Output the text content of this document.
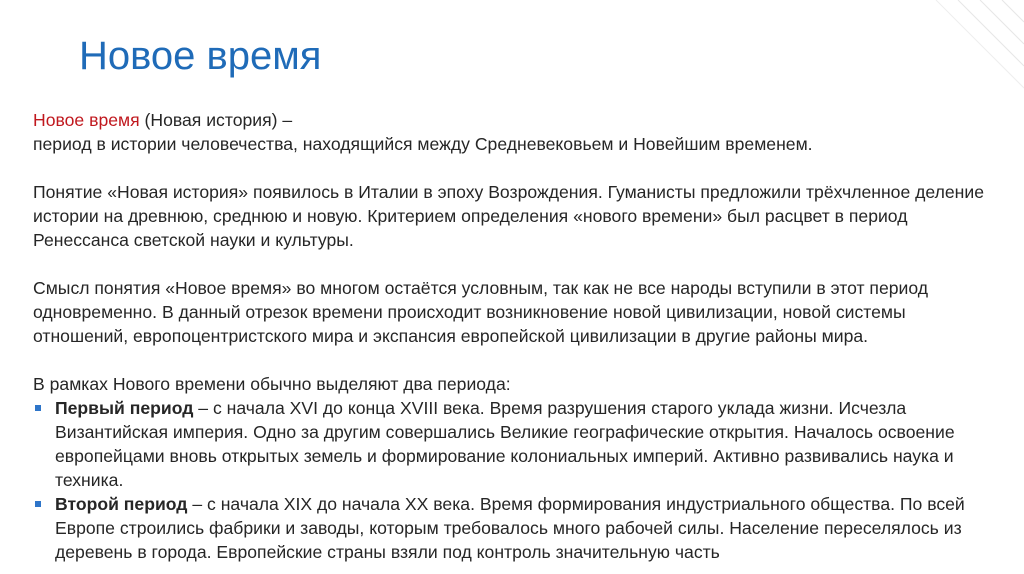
Новое время

Новое время (Новая история) –

период в истории человечества, находящийся между Средневековьем и Новейшим временем.

Понятие «Новая история» появилось в Италии в эпоху Возрождения. Гуманисты предложили трёхчленное деление истории на древнюю, среднюю и новую. Критерием определения «нового времени» был расцвет в период Ренессанса светской науки и культуры.

Смысл понятия «Новое время» во многом остаётся условным, так как не все народы вступили в этот период одновременно. В данный отрезок времени происходит возникновение новой цивилизации, новой системы отношений, европоцентристского мира и экспансия европейской цивилизации в другие районы мира.

В рамках Нового времени обычно выделяют два периода:

Первый период – с начала XVI до конца XVIII века. Время разрушения старого уклада жизни. Исчезла Византийская империя. Одно за другим совершались Великие географические открытия. Началось освоение европейцами вновь открытых земель и формирование колониальных империй. Активно развивались наука и техника.
Второй период – с начала XIX до начала XX века. Время формирования индустриального общества. По всей Европе строились фабрики и заводы, которым требовалось много рабочей силы. Население переселялось из деревень в города. Европейские страны взяли под контроль значительную часть
